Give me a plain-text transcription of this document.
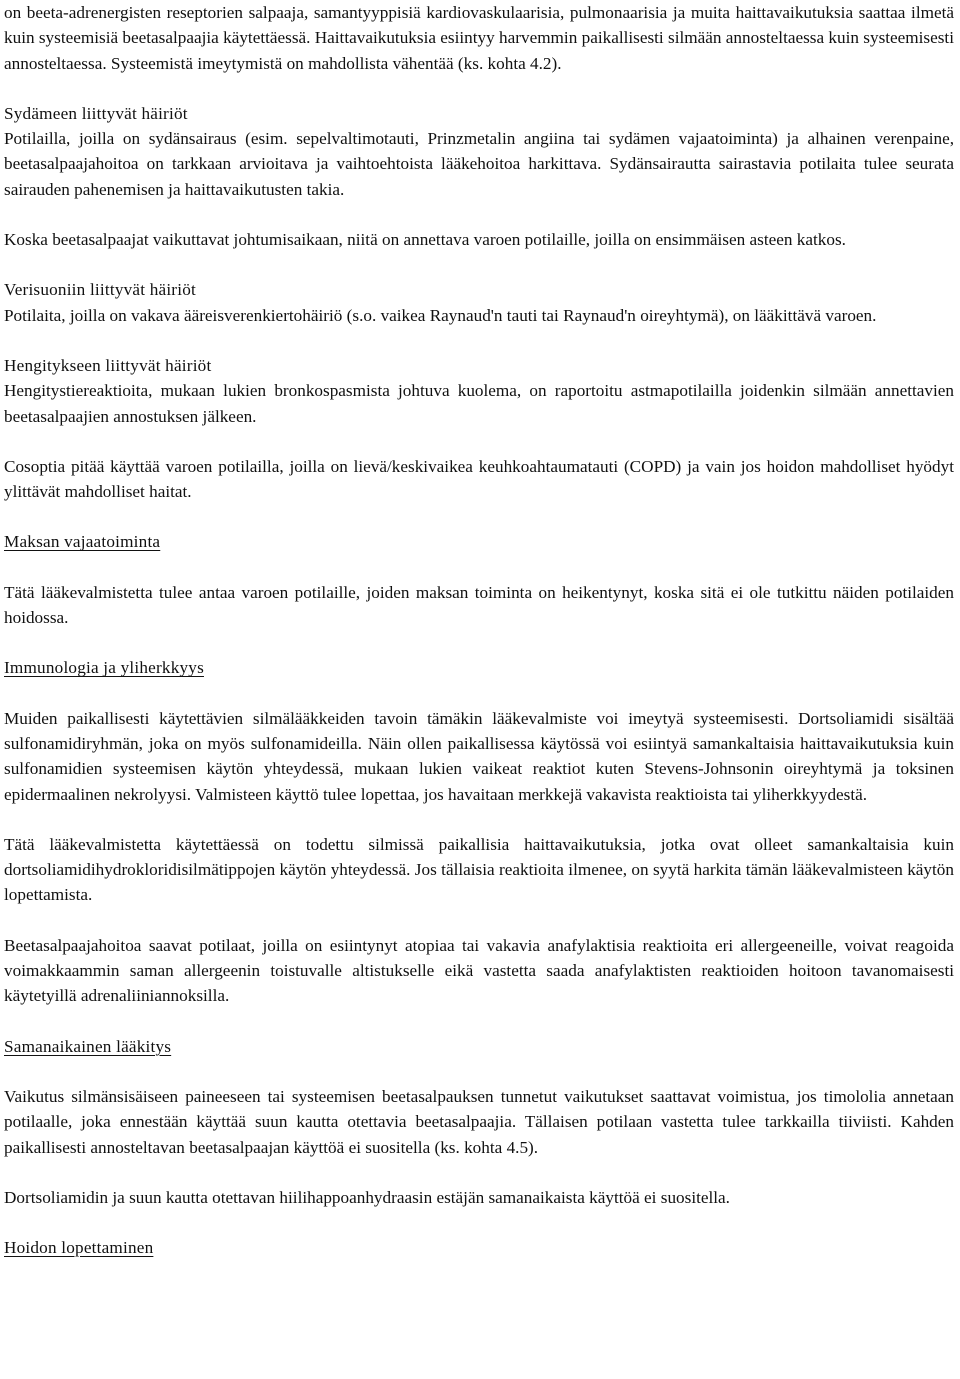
on beeta-adrenergisten reseptorien salpaaja, samantyyppisiä kardiovaskulaarisia, pulmonaarisia ja muita haittavaikutuksia saattaa ilmetä kuin systeemisiä beetasalpaajia käytettäessä. Haittavaikutuksia esiintyy harvemmin paikallisesti silmään annosteltaessa kuin systeemisesti annosteltaessa. Systeemistä imeytymistä on mahdollista vähentää (ks. kohta 4.2).

Sydämeen liittyvät häiriöt

Potilailla, joilla on sydänsairaus (esim. sepelvaltimotauti, Prinzmetalin angiina tai sydämen vajaatoiminta) ja alhainen verenpaine, beetasalpaajahoitoa on tarkkaan arvioitava ja vaihtoehtoista lääkehoitoa harkittava. Sydänsairautta sairastavia potilaita tulee seurata sairauden pahenemisen ja haittavaikutusten takia.

Koska beetasalpaajat vaikuttavat johtumisaikaan, niitä on annettava varoen potilaille, joilla on ensimmäisen asteen katkos.

Verisuoniin liittyvät häiriöt

Potilaita, joilla on vakava ääreisverenkiertohäiriö (s.o. vaikea Raynaud'n tauti tai Raynaud'n oireyhtymä), on lääkittävä varoen.

Hengitykseen liittyvät häiriöt

Hengitystiereaktioita, mukaan lukien bronkospasmista johtuva kuolema, on raportoitu astmapotilailla joidenkin silmään annettavien beetasalpaajien annostuksen jälkeen.

Cosoptia pitää käyttää varoen potilailla, joilla on lievä/keskivaikea keuhkoahtaumatauti (COPD) ja vain jos hoidon mahdolliset hyödyt ylittävät mahdolliset haitat.

Maksan vajaatoiminta

Tätä lääkevalmistetta tulee antaa varoen potilaille, joiden maksan toiminta on heikentynyt, koska sitä ei ole tutkittu näiden potilaiden hoidossa.

Immunologia ja yliherkkyys

Muiden paikallisesti käytettävien silmälääkkeiden tavoin tämäkin lääkevalmiste voi imeytyä systeemisesti. Dortsoliamidi sisältää sulfonamidiryhmän, joka on myös sulfonamideilla. Näin ollen paikallisessa käytössä voi esiintyä samankaltaisia haittavaikutuksia kuin sulfonamidien systeemisen käytön yhteydessä, mukaan lukien vaikeat reaktiot kuten Stevens-Johnsonin oireyhtymä ja toksinen epidermaalinen nekrolyysi. Valmisteen käyttö tulee lopettaa, jos havaitaan merkkejä vakavista reaktioista tai yliherkkyydestä.

Tätä lääkevalmistetta käytettäessä on todettu silmissä paikallisia haittavaikutuksia, jotka ovat olleet samankaltaisia kuin dortsoliamidihydrokloridisilmätippojen käytön yhteydessä. Jos tällaisia reaktioita ilmenee, on syytä harkita tämän lääkevalmisteen käytön lopettamista.

Beetasalpaajahoitoa saavat potilaat, joilla on esiintynyt atopiaa tai vakavia anafylaktisia reaktioita eri allergeeneille, voivat reagoida voimakkaammin saman allergeenin toistuvalle altistukselle eikä vastetta saada anafylaktisten reaktioiden hoitoon tavanomaisesti käytetyillä adrenaliiniannoksilla.

Samanaikainen lääkitys

Vaikutus silmänsisäiseen paineeseen tai systeemisen beetasalpauksen tunnetut vaikutukset saattavat voimistua, jos timololia annetaan potilaalle, joka ennestään käyttää suun kautta otettavia beetasalpaajia. Tällaisen potilaan vastetta tulee tarkkailla tiiviisti. Kahden paikallisesti annosteltavan beetasalpaajan käyttöä ei suositella (ks. kohta 4.5).

Dortsoliamidin ja suun kautta otettavan hiilihappoanhydraasin estäjän samanaikaista käyttöä ei suositella.

Hoidon lopettaminen
